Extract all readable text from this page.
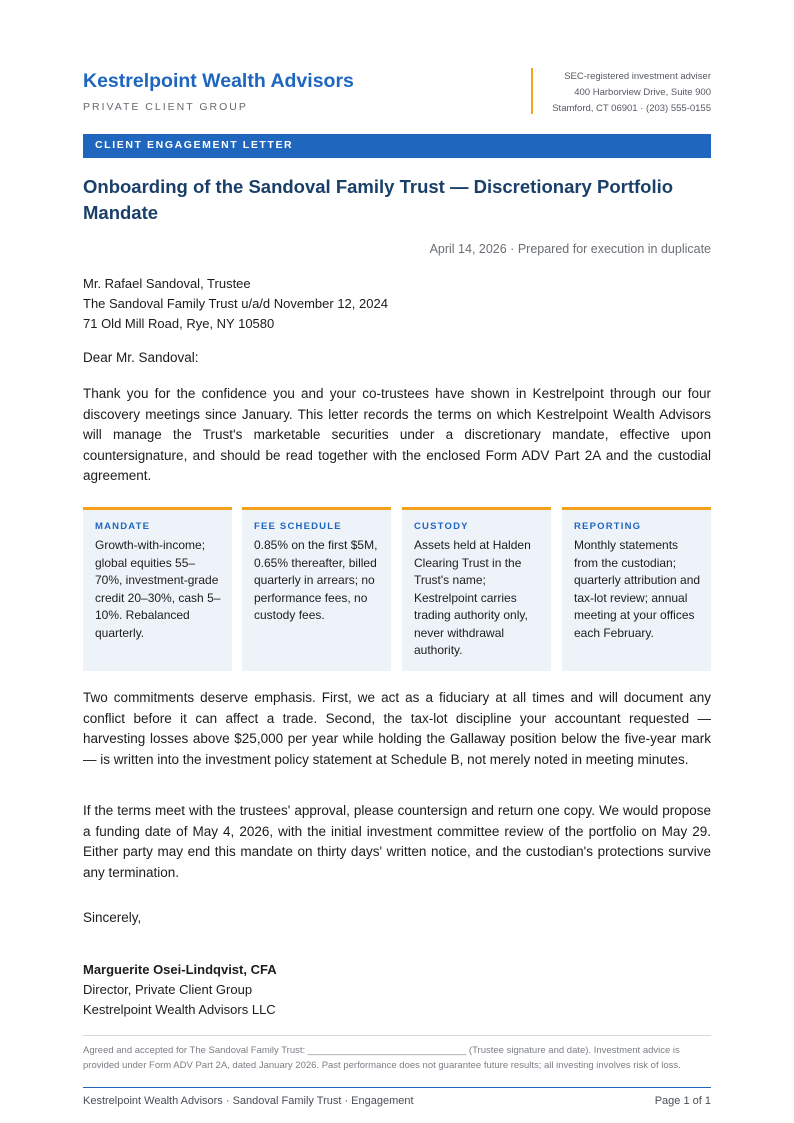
Kestrelpoint Wealth Advisors
PRIVATE CLIENT GROUP
SEC-registered investment adviser
400 Harborview Drive, Suite 900
Stamford, CT 06901 · (203) 555-0155
CLIENT ENGAGEMENT LETTER
Onboarding of the Sandoval Family Trust — Discretionary Portfolio Mandate
April 14, 2026 · Prepared for execution in duplicate
Mr. Rafael Sandoval, Trustee
The Sandoval Family Trust u/a/d November 12, 2024
71 Old Mill Road, Rye, NY 10580
Dear Mr. Sandoval:

Thank you for the confidence you and your co-trustees have shown in Kestrelpoint through our four discovery meetings since January. This letter records the terms on which Kestrelpoint Wealth Advisors will manage the Trust's marketable securities under a discretionary mandate, effective upon countersignature, and should be read together with the enclosed Form ADV Part 2A and the custodial agreement.

MANDATE
Growth-with-income; global equities 55–70%, investment-grade credit 20–30%, cash 5–10%. Rebalanced quarterly.
FEE SCHEDULE
0.85% on the first $5M, 0.65% thereafter, billed quarterly in arrears; no performance fees, no custody fees.
CUSTODY
Assets held at Halden Clearing Trust in the Trust's name; Kestrelpoint carries trading authority only, never withdrawal authority.
REPORTING
Monthly statements from the custodian; quarterly attribution and tax-lot review; annual meeting at your offices each February.

Two commitments deserve emphasis. First, we act as a fiduciary at all times and will document any conflict before it can affect a trade. Second, the tax-lot discipline your accountant requested — harvesting losses above $25,000 per year while holding the Gallaway position below the five-year mark — is written into the investment policy statement at Schedule B, not merely noted in meeting minutes.

If the terms meet with the trustees' approval, please countersign and return one copy. We would propose a funding date of May 4, 2026, with the initial investment committee review of the portfolio on May 29. Either party may end this mandate on thirty days' written notice, and the custodian's protections survive any termination.

Sincerely,
Marguerite Osei-Lindqvist, CFA
Director, Private Client Group
Kestrelpoint Wealth Advisors LLC
Agreed and accepted for The Sandoval Family Trust: ______________________________ (Trustee signature and date). Investment advice is provided under Form ADV Part 2A, dated January 2026. Past performance does not guarantee future results; all investing involves risk of loss.
Kestrelpoint Wealth Advisors · Sandoval Family Trust · Engagement	Page 1 of 1
